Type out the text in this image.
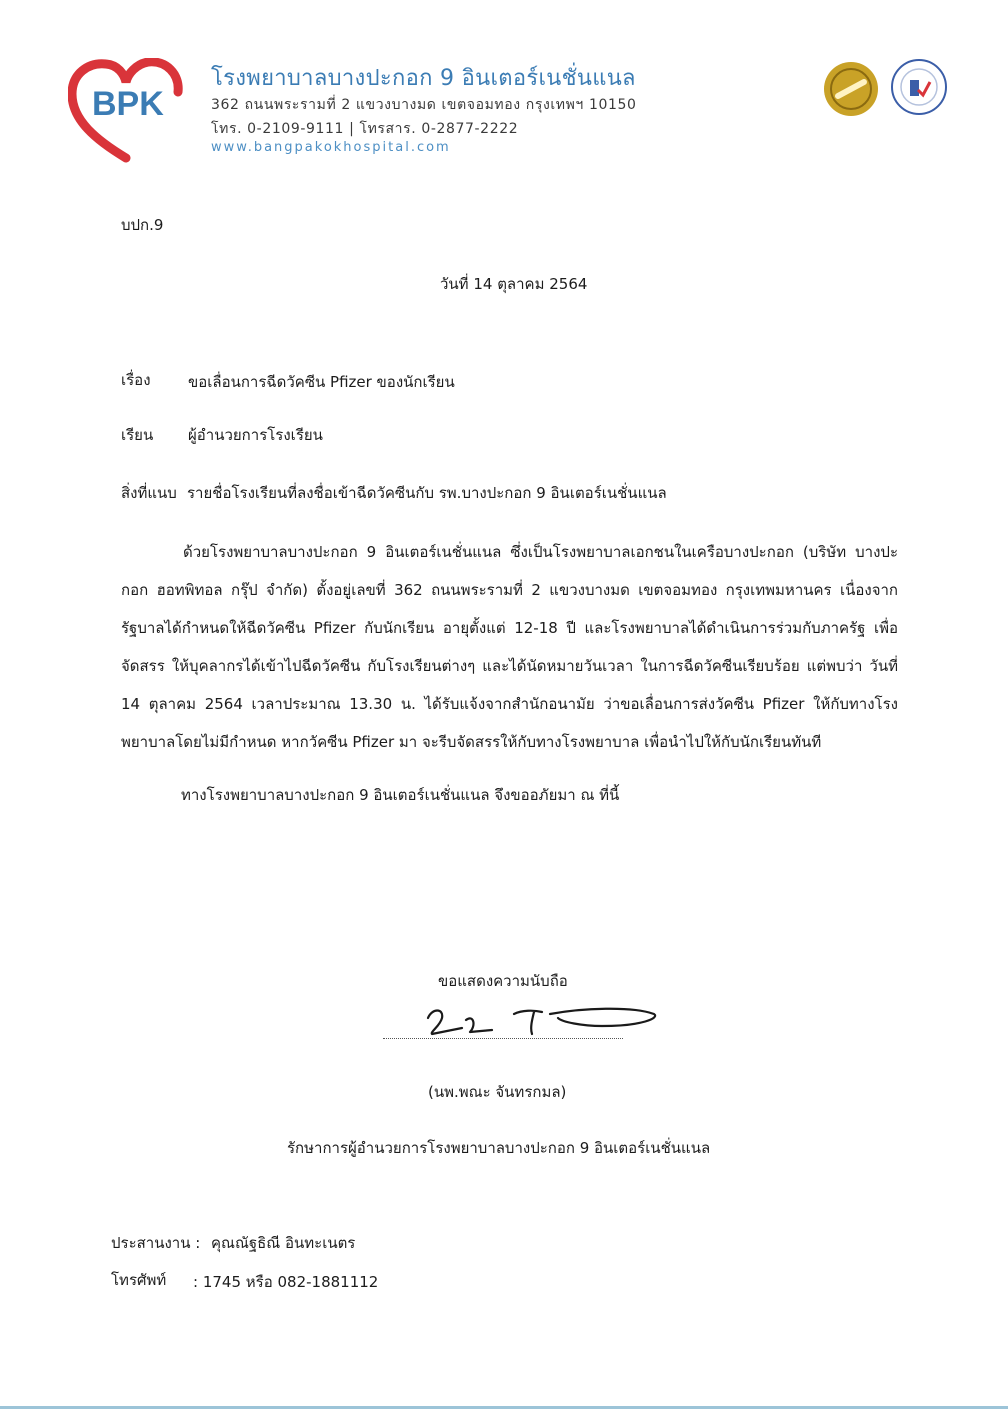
BPK
โรงพยาบาลบางปะกอก 9 อินเตอร์เนชั่นแนล
362 ถนนพระรามที่ 2 แขวงบางมด เขตจอมทอง กรุงเทพฯ 10150
โทร. 0-2109-9111 | โทรสาร. 0-2877-2222
www.bangpakokhospital.com
บปก.9
วันที่ 14 ตุลาคม 2564
เรื่อง ขอเลื่อนการฉีดวัคซีน Pfizer ของนักเรียน
เรียน ผู้อำนวยการโรงเรียน
สิ่งที่แนบ รายชื่อโรงเรียนที่ลงชื่อเข้าฉีดวัคซีนกับ รพ.บางปะกอก 9 อินเตอร์เนชั่นแนล
ด้วยโรงพยาบาลบางปะกอก 9 อินเตอร์เนชั่นแนล ซึ่งเป็นโรงพยาบาลเอกชนในเครือบางปะกอก (บริษัท บางปะกอก ฮอทพิทอล กรุ๊ป จำกัด) ตั้งอยู่เลขที่ 362 ถนนพระรามที่ 2 แขวงบางมด เขตจอมทอง กรุงเทพมหานคร เนื่องจากรัฐบาลได้กำหนดให้ฉีดวัคซีน Pfizer กับนักเรียน อายุตั้งแต่ 12-18 ปี และโรงพยาบาลได้ดำเนินการร่วมกับภาครัฐ เพื่อจัดสรร ให้บุคลากรได้เข้าไปฉีดวัคซีน กับโรงเรียนต่างๆ และได้นัดหมายวันเวลา ในการฉีดวัคซีนเรียบร้อย แต่พบว่า วันที่ 14 ตุลาคม 2564 เวลาประมาณ 13.30 น. ได้รับแจ้งจากสำนักอนามัย ว่าขอเลื่อนการส่งวัคซีน Pfizer ให้กับทางโรงพยาบาลโดยไม่มีกำหนด หากวัคซีน Pfizer มา จะรีบจัดสรรให้กับทางโรงพยาบาล เพื่อนำไปให้กับนักเรียนทันที
ทางโรงพยาบาลบางปะกอก 9 อินเตอร์เนชั่นแนล จึงขออภัยมา ณ ที่นี้
ขอแสดงความนับถือ
(นพ.พณะ จันทรกมล)
รักษาการผู้อำนวยการโรงพยาบาลบางปะกอก 9 อินเตอร์เนชั่นแนล
ประสานงาน : คุณณัฐธิณี อินทะเนตร
โทรศัพท์ : 1745 หรือ 082-1881112
